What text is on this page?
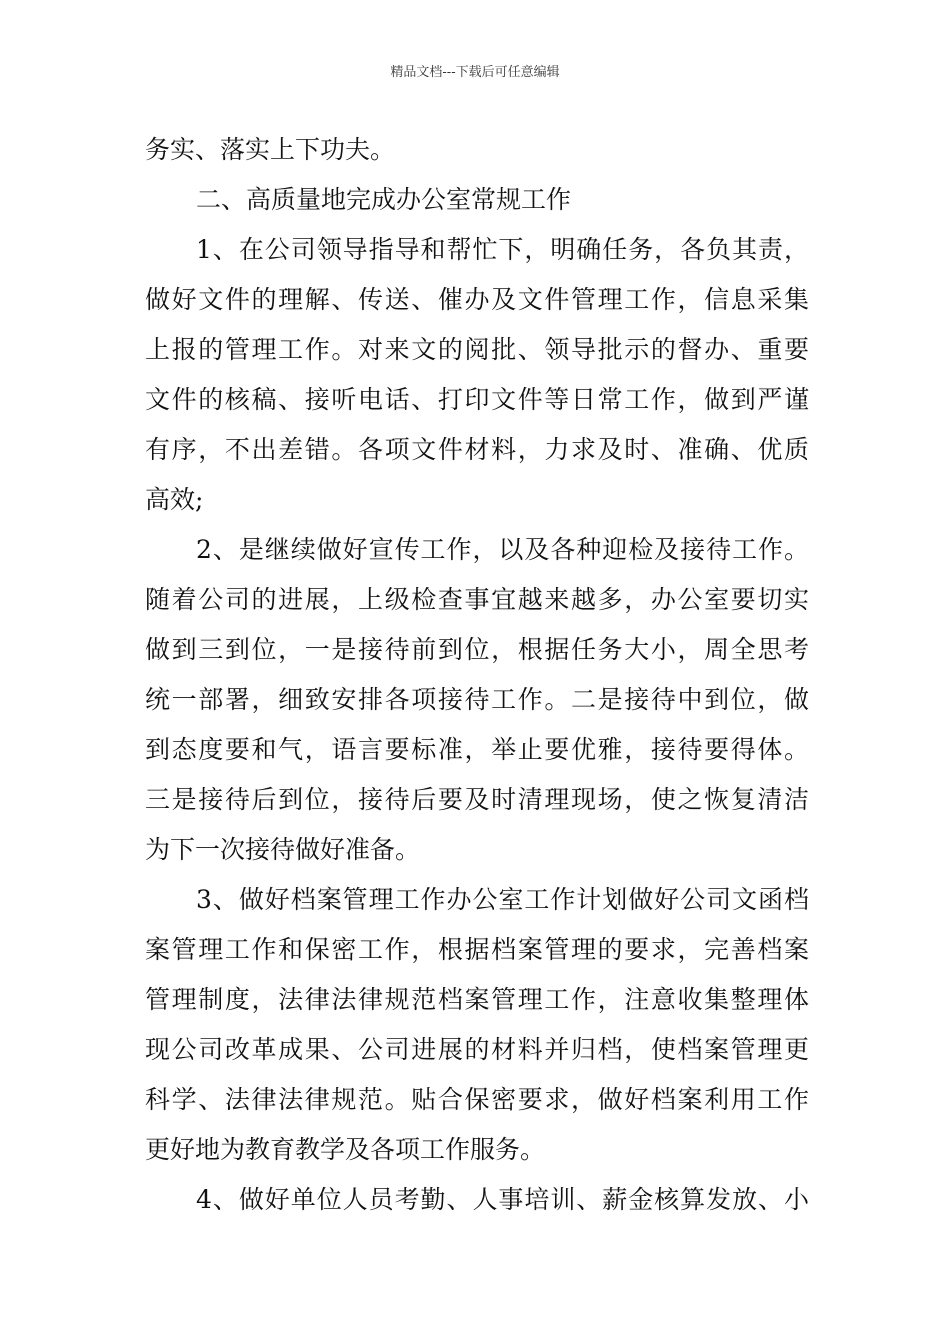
精品文档---下载后可任意编辑
务实、落实上下功夫。
二、高质量地完成办公室常规工作
1、在公司领导指导和帮忙下，明确任务，各负其责，
做好文件的理解、传送、催办及文件管理工作，信息采集
上报的管理工作。对来文的阅批、领导批示的督办、重要
文件的核稿、接听电话、打印文件等日常工作，做到严谨
有序，不出差错。各项文件材料，力求及时、准确、优质
高效;
2、是继续做好宣传工作，以及各种迎检及接待工作。
随着公司的进展，上级检查事宜越来越多，办公室要切实
做到三到位，一是接待前到位，根据任务大小，周全思考
统一部署，细致安排各项接待工作。二是接待中到位，做
到态度要和气，语言要标准，举止要优雅，接待要得体。
三是接待后到位，接待后要及时清理现场，使之恢复清洁
为下一次接待做好准备。
3、做好档案管理工作办公室工作计划做好公司文函档
案管理工作和保密工作，根据档案管理的要求，完善档案
管理制度，法律法律规范档案管理工作，注意收集整理体
现公司改革成果、公司进展的材料并归档，使档案管理更
科学、法律法律规范。贴合保密要求，做好档案利用工作
更好地为教育教学及各项工作服务。
4、做好单位人员考勤、人事培训、薪金核算发放、小
